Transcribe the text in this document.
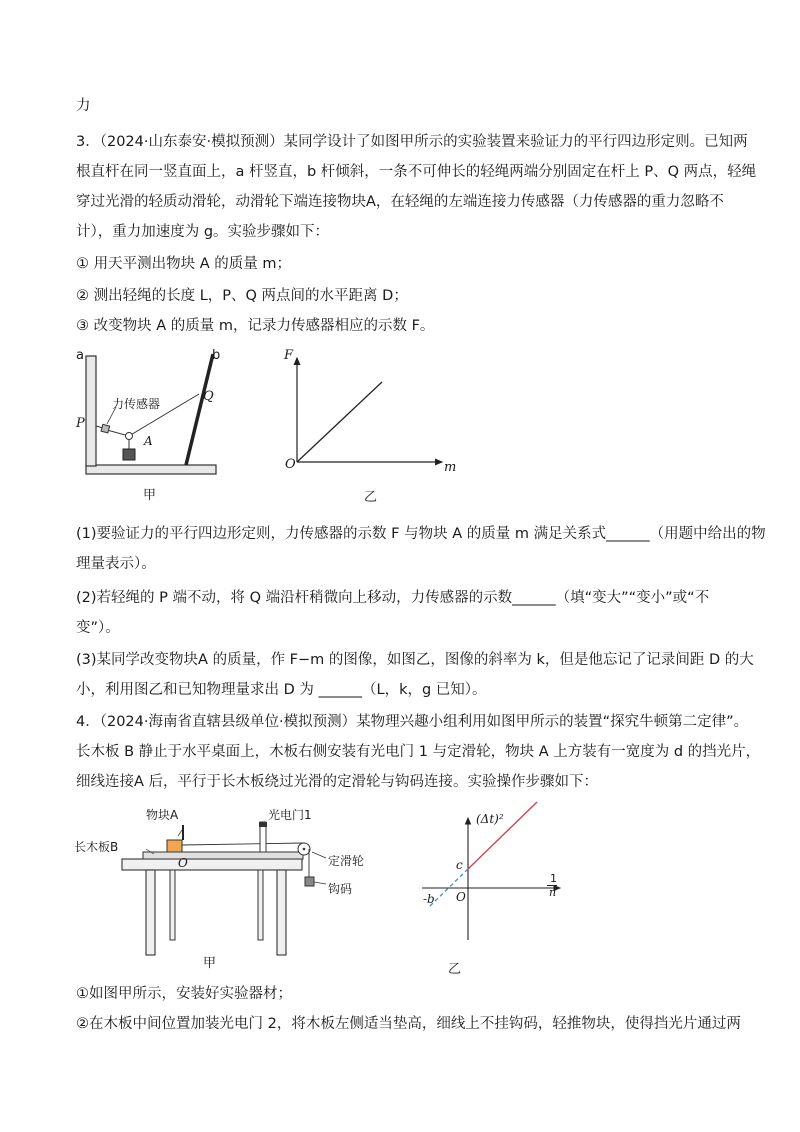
力
3．（2024·山东泰安·模拟预测）某同学设计了如图甲所示的实验装置来验证力的平行四边形定则。已知两
根直杆在同一竖直面上，a 杆竖直，b 杆倾斜，一条不可伸长的轻绳两端分别固定在杆上 P、Q 两点，轻绳
穿过光滑的轻质动滑轮，动滑轮下端连接物块A，在轻绳的左端连接力传感器（力传感器的重力忽略不
计），重力加速度为 g。实验步骤如下：
① 用天平测出物块 A 的质量 m；
② 测出轻绳的长度 L，P、Q 两点间的水平距离 D；
③ 改变物块 A 的质量 m，记录力传感器相应的示数 F。
a	b
P
Q
力传感器
A
甲
F
m
O
乙
(1)要验证力的平行四边形定则，力传感器的示数 F 与物块 A 的质量 m 满足关系式______（用题中给出的物
理量表示）。
(2)若轻绳的 P 端不动，将 Q 端沿杆稍微向上移动，力传感器的示数______（填“变大”“变小”或“不
变”）。
(3)某同学改变物块A 的质量，作 F−m 的图像，如图乙，图像的斜率为 k，但是他忘记了记录间距 D 的大
小，利用图乙和已知物理量求出 D 为 ______（L，k，g 已知）。
4．（2024·海南省直辖县级单位·模拟预测）某物理兴趣小组利用如图甲所示的装置“探究牛顿第二定律”。
长木板 B 静止于水平桌面上，木板右侧安装有光电门 1 与定滑轮，物块 A 上方装有一宽度为 d 的挡光片，
细线连接A 后，平行于长木板绕过光滑的定滑轮与钩码连接。实验操作步骤如下：
物块A	光电门1
长木板B
O	定滑轮
钩码
甲
(Δt)²
c
-b O
1
n
乙
①如图甲所示，安装好实验器材；
②在木板中间位置加装光电门 2，将木板左侧适当垫高，细线上不挂钩码，轻推物块，使得挡光片通过两
